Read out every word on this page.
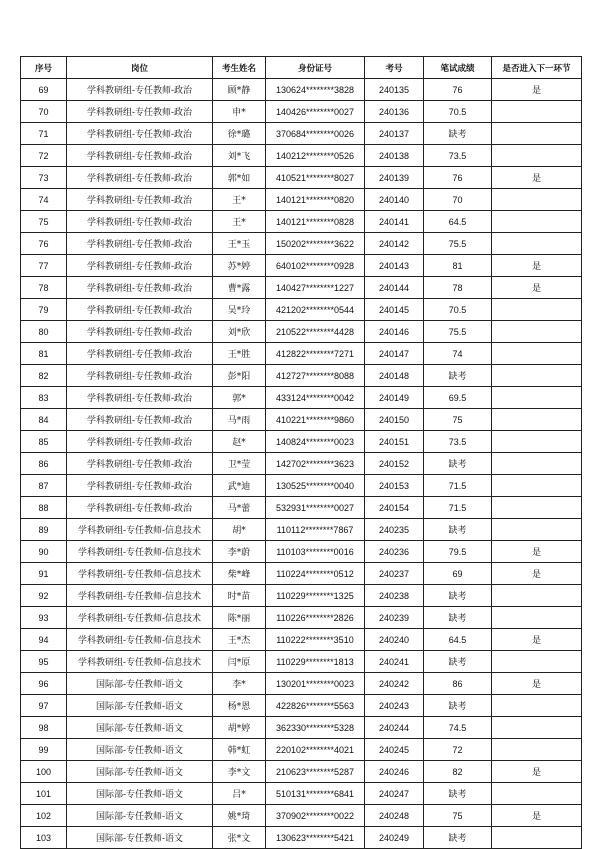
序号	岗位	考生姓名	身份证号	考号	笔试成绩	是否进入下一环节
69	学科教研组-专任教师-政治	顾*静	130624********3828	240135	76	是
70	学科教研组-专任教师-政治	申*	140426********0027	240136	70.5	
71	学科教研组-专任教师-政治	徐*璐	370684********0026	240137	缺考	
72	学科教研组-专任教师-政治	刘*飞	140212********0526	240138	73.5	
73	学科教研组-专任教师-政治	郭*如	410521********8027	240139	76	是
74	学科教研组-专任教师-政治	王*	140121********0820	240140	70	
75	学科教研组-专任教师-政治	王*	140121********0828	240141	64.5	
76	学科教研组-专任教师-政治	王*玉	150202********3622	240142	75.5	
77	学科教研组-专任教师-政治	苏*婷	640102********0928	240143	81	是
78	学科教研组-专任教师-政治	曹*露	140427********1227	240144	78	是
79	学科教研组-专任教师-政治	吴*玲	421202********0544	240145	70.5	
80	学科教研组-专任教师-政治	刘*欣	210522********4428	240146	75.5	
81	学科教研组-专任教师-政治	王*胜	412822********7271	240147	74	
82	学科教研组-专任教师-政治	彭*阳	412727********8088	240148	缺考	
83	学科教研组-专任教师-政治	郭*	433124********0042	240149	69.5	
84	学科教研组-专任教师-政治	马*雨	410221********9860	240150	75	
85	学科教研组-专任教师-政治	赵*	140824********0023	240151	73.5	
86	学科教研组-专任教师-政治	卫*莹	142702********3623	240152	缺考	
87	学科教研组-专任教师-政治	武*迪	130525********0040	240153	71.5	
88	学科教研组-专任教师-政治	马*蕾	532931********0027	240154	71.5	
89	学科教研组-专任教师-信息技术	胡*	110112********7867	240235	缺考	
90	学科教研组-专任教师-信息技术	李*蔚	110103********0016	240236	79.5	是
91	学科教研组-专任教师-信息技术	柴*峰	110224********0512	240237	69	是
92	学科教研组-专任教师-信息技术	时*苗	110229********1325	240238	缺考	
93	学科教研组-专任教师-信息技术	陈*丽	110226********2826	240239	缺考	
94	学科教研组-专任教师-信息技术	王*杰	110222********3510	240240	64.5	是
95	学科教研组-专任教师-信息技术	闫*原	110229********1813	240241	缺考	
96	国际部-专任教师-语文	李*	130201********0023	240242	86	是
97	国际部-专任教师-语文	杨*恩	422826********5563	240243	缺考	
98	国际部-专任教师-语文	胡*婷	362330********5328	240244	74.5	
99	国际部-专任教师-语文	韩*虹	220102********4021	240245	72	
100	国际部-专任教师-语文	李*文	210623********5287	240246	82	是
101	国际部-专任教师-语文	吕*	510131********6841	240247	缺考	
102	国际部-专任教师-语文	姚*琦	370902********0022	240248	75	是
103	国际部-专任教师-语文	张*文	130623********5421	240249	缺考	
